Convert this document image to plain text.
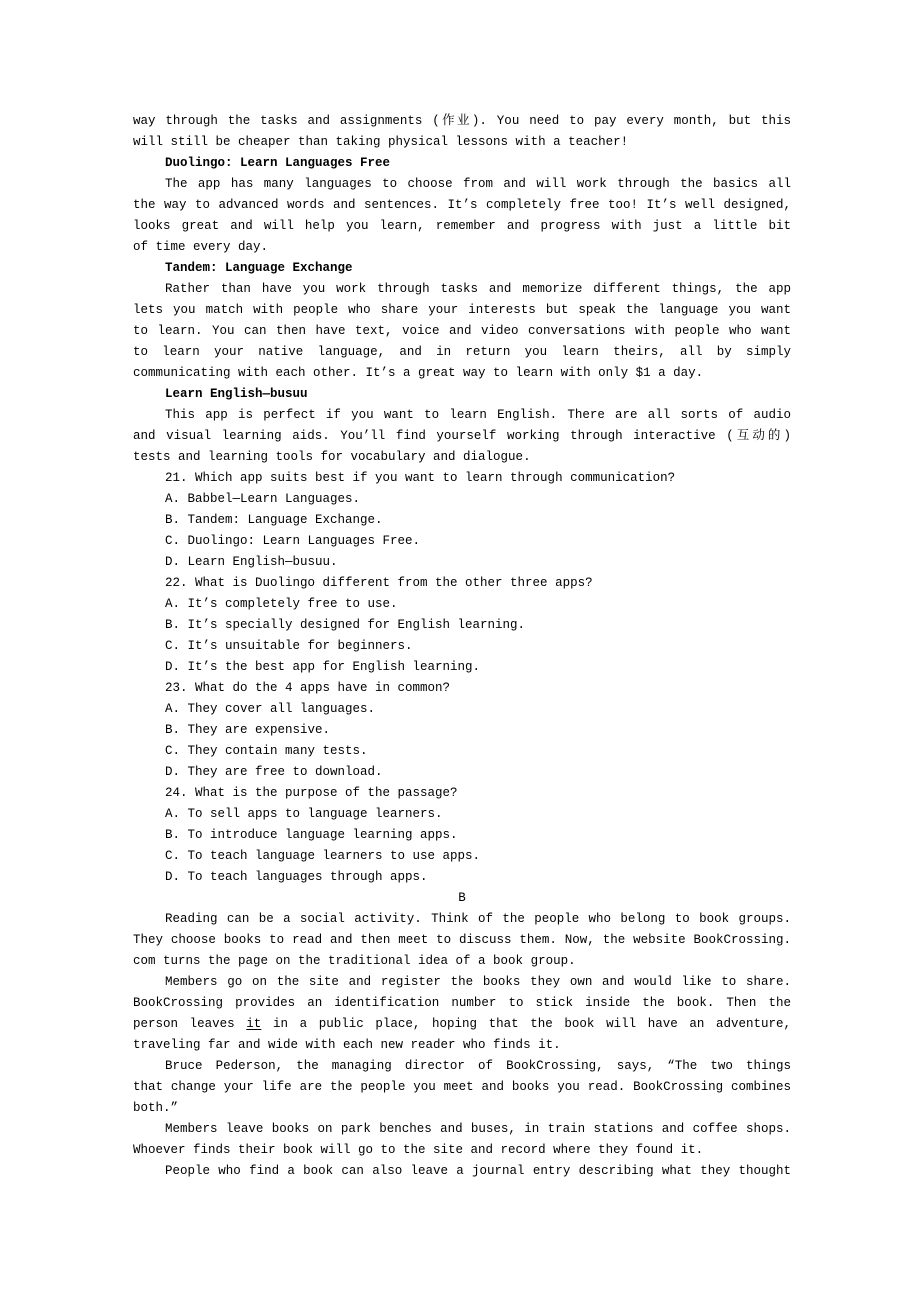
way through the tasks and assignments (作业). You need to pay every month, but this
will still be cheaper than taking physical lessons with a teacher!
Duolingo: Learn Languages Free
The app has many languages to choose from and will work through the basics all
the way to advanced words and sentences. It’s completely free too! It’s well designed,
looks great and will help you learn, remember and progress with just a little bit
of time every day.
Tandem: Language Exchange
Rather than have you work through tasks and memorize different things, the app
lets you match with people who share your interests but speak the language you want
to learn. You can then have text, voice and video conversations with people who want
to learn your native language, and in return you learn theirs, all by simply
communicating with each other. It’s a great way to learn with only $1 a day.
Learn English—busuu
This app is perfect if you want to learn English. There are all sorts of audio
and visual learning aids. You’ll find yourself working through interactive (互动的)
tests and learning tools for vocabulary and dialogue.
21. Which app suits best if you want to learn through communication?
A. Babbel—Learn Languages.
B. Tandem: Language Exchange.
C. Duolingo: Learn Languages Free.
D. Learn English—busuu.
22. What is Duolingo different from the other three apps?
A. It’s completely free to use.
B. It’s specially designed for English learning.
C. It’s unsuitable for beginners.
D. It’s the best app for English learning.
23. What do the 4 apps have in common?
A. They cover all languages.
B. They are expensive.
C. They contain many tests.
D. They are free to download.
24. What is the purpose of the passage?
A. To sell apps to language learners.
B. To introduce language learning apps.
C. To teach language learners to use apps.
D. To teach languages through apps.
B
Reading can be a social activity. Think of the people who belong to book groups.
They choose books to read and then meet to discuss them. Now, the website BookCrossing.
com turns the page on the traditional idea of a book group.
Members go on the site and register the books they own and would like to share.
BookCrossing provides an identification number to stick inside the book. Then the
person leaves it in a public place, hoping that the book will have an adventure,
traveling far and wide with each new reader who finds it.
Bruce Pederson, the managing director of BookCrossing, says, “The two things
that change your life are the people you meet and books you read. BookCrossing combines
both.”
Members leave books on park benches and buses, in train stations and coffee shops.
Whoever finds their book will go to the site and record where they found it.
People who find a book can also leave a journal entry describing what they thought
